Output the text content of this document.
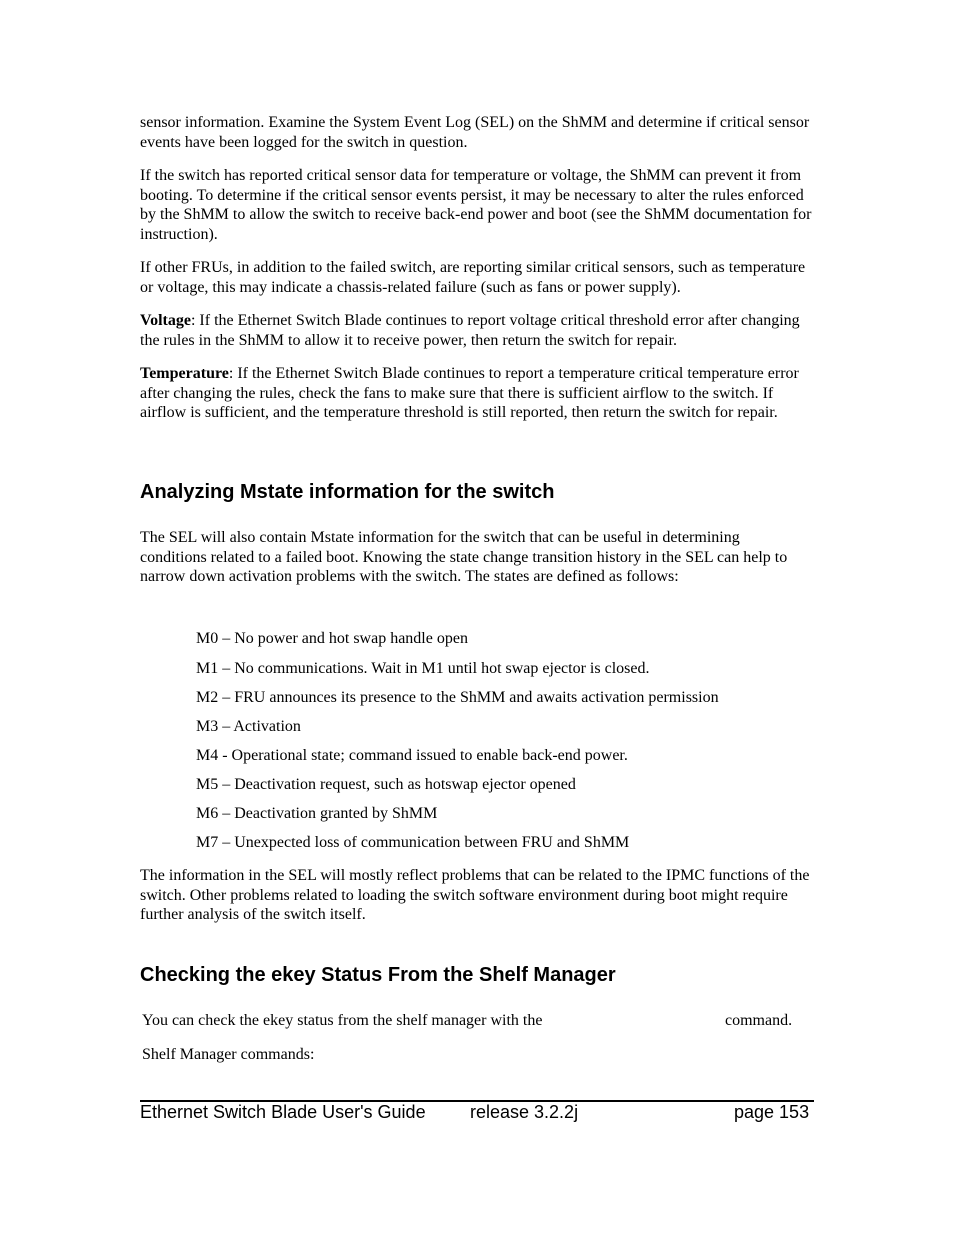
sensor information. Examine the System Event Log (SEL) on the ShMM and determine if critical sensor events have been logged for the switch in question.

If the switch has reported critical sensor data for temperature or voltage, the ShMM can prevent it from booting. To determine if the critical sensor events persist, it may be necessary to alter the rules enforced by the ShMM to allow the switch to receive back-end power and boot (see the ShMM documentation for instruction).

If other FRUs, in addition to the failed switch, are reporting similar critical sensors, such as temperature or voltage, this may indicate a chassis-related failure (such as fans or power supply).

Voltage: If the Ethernet Switch Blade continues to report voltage critical threshold error after changing the rules in the ShMM to allow it to receive power, then return the switch for repair.

Temperature: If the Ethernet Switch Blade continues to report a temperature critical temperature error after changing the rules, check the fans to make sure that there is sufficient airflow to the switch. If airflow is sufficient, and the temperature threshold is still reported, then return the switch for repair.

Analyzing Mstate information for the switch

The SEL will also contain Mstate information for the switch that can be useful in determining conditions related to a failed boot. Knowing the state change transition history in the SEL can help to narrow down activation problems with the switch. The states are defined as follows:

M0 – No power and hot swap handle open

M1 – No communications. Wait in M1 until hot swap ejector is closed.

M2 – FRU announces its presence to the ShMM and awaits activation permission

M3 – Activation

M4 - Operational state; command issued to enable back-end power.

M5 – Deactivation request, such as hotswap ejector opened

M6 – Deactivation granted by ShMM

M7 – Unexpected loss of communication between FRU and ShMM

The information in the SEL will mostly reflect problems that can be related to the IPMC functions of the switch. Other problems related to loading the switch software environment during boot might require further analysis of the switch itself.

Checking the ekey Status From the Shelf Manager

You can check the ekey status from the shelf manager with the	command.

Shelf Manager commands:

Ethernet Switch Blade User's Guide release 3.2.2j	page 153
